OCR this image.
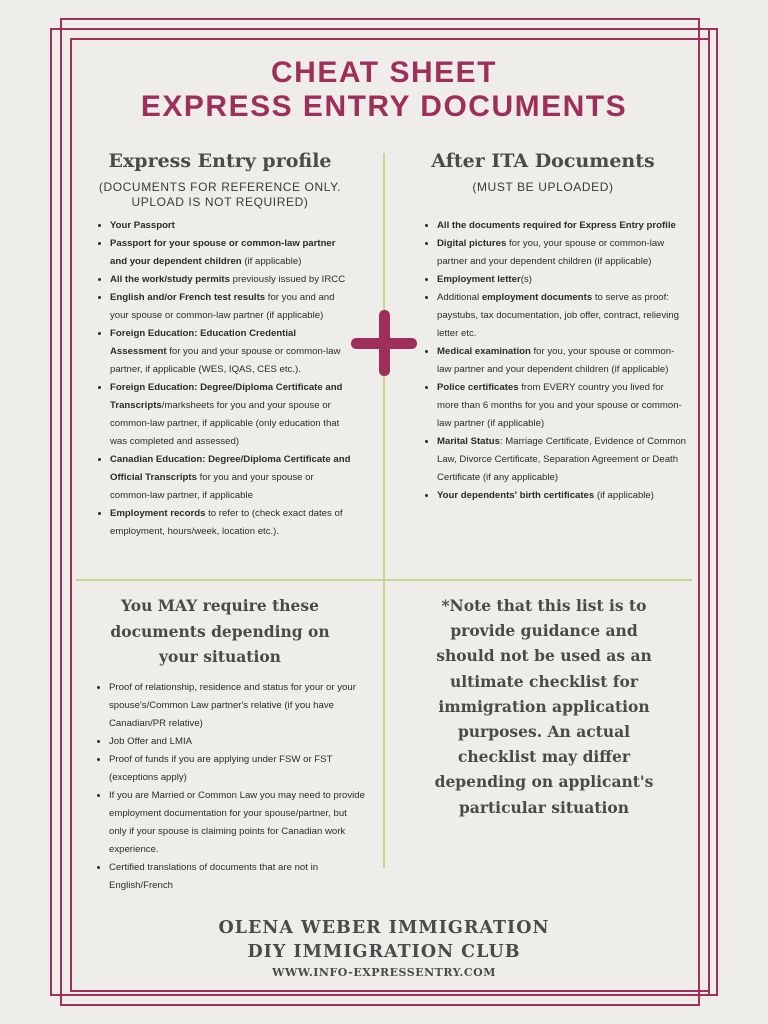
CHEAT SHEET
EXPRESS ENTRY DOCUMENTS
Express Entry profile
(DOCUMENTS FOR REFERENCE ONLY.
UPLOAD IS NOT REQUIRED)
• Your Passport
• Passport for your spouse or common-law partner and your dependent children (if applicable)
• All the work/study permits previously issued by IRCC
• English and/or French test results for you and and your spouse or common-law partner (if applicable)
• Foreign Education: Education Credential Assessment for you and your spouse or common-law partner, if applicable (WES, IQAS, CES etc.).
• Foreign Education: Degree/Diploma Certificate and Transcripts/marksheets for you and your spouse or common-law partner, if applicable (only education that was completed and assessed)
• Canadian Education: Degree/Diploma Certificate and Official Transcripts for you and your spouse or common-law partner, if applicable
• Employment records to refer to (check exact dates of employment, hours/week, location etc.).
After ITA Documents
(MUST BE UPLOADED)
• All the documents required for Express Entry profile
• Digital pictures for you, your spouse or common-law partner and your dependent children (if applicable)
• Employment letter(s)
• Additional employment documents to serve as proof: paystubs, tax documentation, job offer, contract, relieving letter etc.
• Medical examination for you, your spouse or common-law partner and your dependent children (if applicable)
• Police certificates from EVERY country you lived for more than 6 months for you and your spouse or common-law partner (if applicable)
• Marital Status: Marriage Certificate, Evidence of Common Law, Divorce Certificate, Separation Agreement or Death Certificate (if any applicable)
• Your dependents' birth certificates (if applicable)
You MAY require these
documents depending on
your situation
• Proof of relationship, residence and status for your or your spouse's/Common Law partner's relative (if you have Canadian/PR relative)
• Job Offer and LMIA
• Proof of funds if you are applying under FSW or FST (exceptions apply)
• If you are Married or Common Law you may need to provide employment documentation for your spouse/partner, but only if your spouse is claiming points for Canadian work experience.
• Certified translations of documents that are not in English/French
*Note that this list is to
provide guidance and
should not be used as an
ultimate checklist for
immigration application
purposes. An actual
checklist may differ
depending on applicant's
particular situation
OLENA WEBER IMMIGRATION
DIY IMMIGRATION CLUB
WWW.INFO-EXPRESSENTRY.COM
